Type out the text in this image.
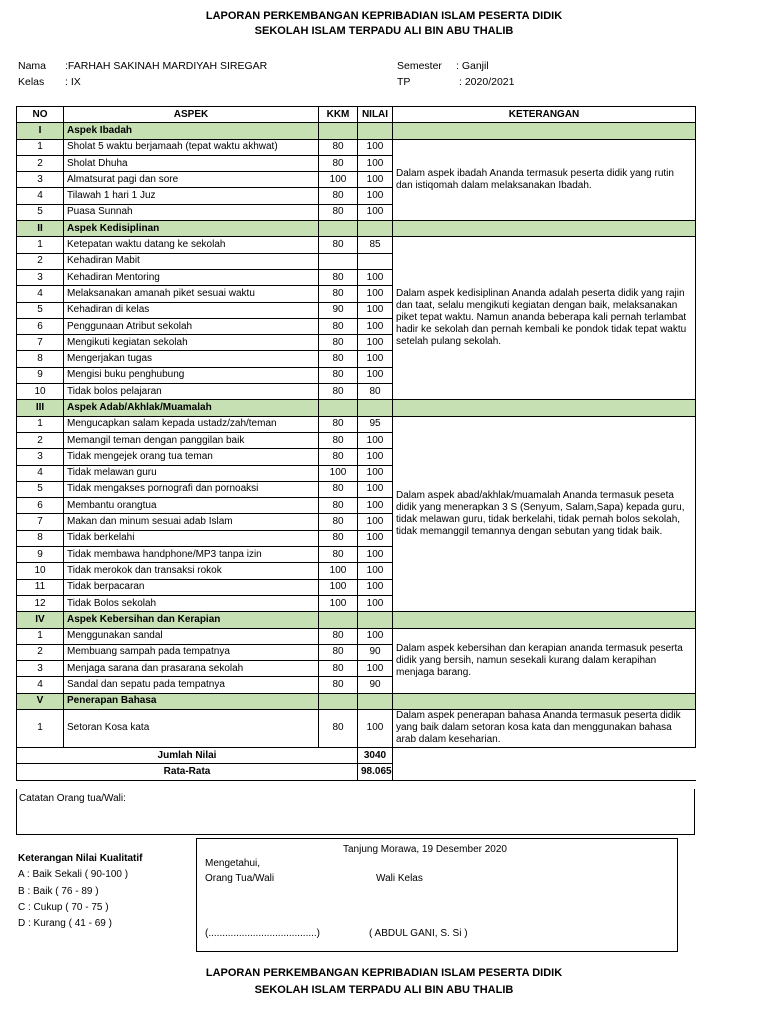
LAPORAN PERKEMBANGAN KEPRIBADIAN ISLAM PESERTA DIDIK
SEKOLAH ISLAM TERPADU ALI BIN ABU THALIB
Nama :FARHAH SAKINAH MARDIYAH SIREGAR
Kelas : IX
Semester : Ganjil
TP	: 2020/2021
NO	ASPEK	KKM	NILAI	KETERANGAN
I	Aspek Ibadah			
1	Sholat 5 waktu berjamaah (tepat waktu akhwat)	80	100	Dalam aspek ibadah Ananda termasuk peserta didik yang rutin dan istiqomah dalam melaksanakan Ibadah.
2	Sholat Dhuha	80	100	
3	Almatsurat pagi dan sore	100	100	
4	Tilawah 1 hari 1 Juz	80	100	
5	Puasa Sunnah	80	100	
II	Aspek Kedisiplinan			
1	Ketepatan waktu datang ke sekolah	80	85	Dalam aspek kedisiplinan Ananda adalah peserta didik yang rajin dan taat, selalu mengikuti kegiatan dengan baik, melaksanakan piket tepat waktu. Namun ananda beberapa kali pernah terlambat hadir ke sekolah dan pernah kembali ke pondok tidak tepat waktu setelah pulang sekolah.
2	Kehadiran Mabit			
3	Kehadiran Mentoring	80	100	
4	Melaksanakan amanah piket sesuai waktu	80	100	
5	Kehadiran di kelas	90	100	
6	Penggunaan Atribut sekolah	80	100	
7	Mengikuti kegiatan sekolah	80	100	
8	Mengerjakan tugas	80	100	
9	Mengisi buku penghubung	80	100	
10	Tidak bolos pelajaran	80	80	
III	Aspek Adab/Akhlak/Muamalah			
1	Mengucapkan salam kepada ustadz/zah/teman	80	95	Dalam aspek abad/akhlak/muamalah Ananda termasuk peseta didik yang menerapkan 3 S (Senyum, Salam,Sapa) kepada guru, tidak melawan guru, tidak berkelahi, tidak pernah bolos sekolah, tidak memanggil temannya dengan sebutan yang tidak baik.
2	Memangil teman dengan panggilan baik	80	100	
3	Tidak mengejek orang tua teman	80	100	
4	Tidak melawan guru	100	100	
5	Tidak mengakses pornografi dan pornoaksi	80	100	
6	Membantu orangtua	80	100	
7	Makan dan minum sesuai adab Islam	80	100	
8	Tidak berkelahi	80	100	
9	Tidak membawa handphone/MP3 tanpa izin	80	100	
10	Tidak merokok dan transaksi rokok	100	100	
11	Tidak berpacaran	100	100	
12	Tidak Bolos sekolah	100	100	
IV	Aspek Kebersihan dan Kerapian			
1	Menggunakan sandal	80	100	Dalam aspek kebersihan dan kerapian ananda termasuk peserta didik yang bersih, namun sesekali kurang dalam kerapihan menjaga barang.
2	Membuang sampah pada tempatnya	80	90	
3	Menjaga sarana dan prasarana sekolah	80	100	
4	Sandal dan sepatu pada tempatnya	80	90	
V	Penerapan Bahasa			
1	Setoran Kosa kata	80	100	Dalam aspek penerapan bahasa Ananda termasuk peserta didik yang baik dalam setoran kosa kata dan menggunakan bahasa arab dalam keseharian.
Jumlah Nilai			3040	
Rata-Rata			98.065	
Catatan Orang tua/Wali:
Keterangan Nilai Kualitatif
A : Baik Sekali ( 90-100 )
B : Baik ( 76 - 89 )
C : Cukup ( 70 - 75 )
D : Kurang ( 41 - 69 )
Tanjung Morawa, 19 Desember 2020
Mengetahui,
Orang Tua/Wali	Wali Kelas
(.......................................)	( ABDUL GANI, S. Si )
LAPORAN PERKEMBANGAN KEPRIBADIAN ISLAM PESERTA DIDIK
SEKOLAH ISLAM TERPADU ALI BIN ABU THALIB
